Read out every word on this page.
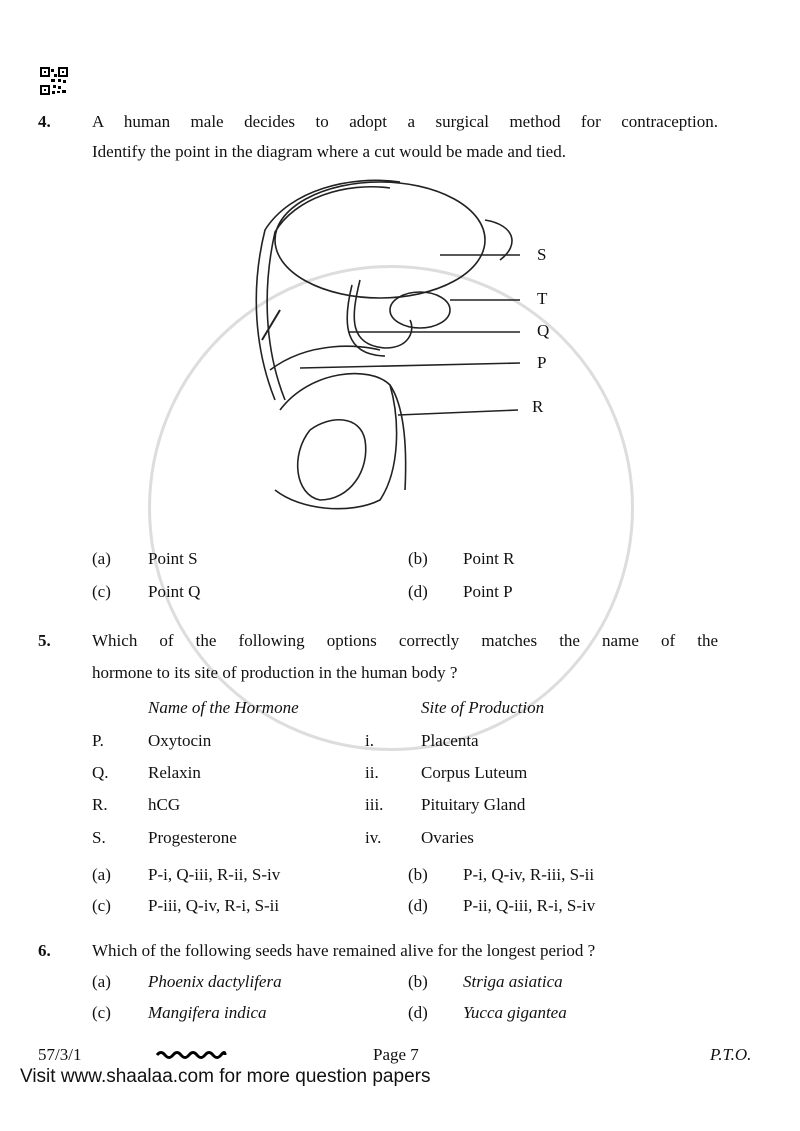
4. A human male decides to adopt a surgical method for contraception.
Identify the point in the diagram where a cut would be made and tied.
S
T
Q
P
R
(a) Point S	(b) Point R
(c) Point Q	(d) Point P
5. Which of the following options correctly matches the name of the
hormone to its site of production in the human body ?
Name of the Hormone	Site of Production
P.	Oxytocin	i.	Placenta
Q. Relaxin	ii. Corpus Luteum
R. hCG	iii. Pituitary Gland
S. Progesterone	iv. Ovaries
(a) P-i, Q-iii, R-ii, S-iv	(b) P-i, Q-iv, R-iii, S-ii
(c) P-iii, Q-iv, R-i, S-ii	(d) P-ii, Q-iii, R-i, S-iv
6. Which of the following seeds have remained alive for the longest period ?
(a) Phoenix dactylifera	(b) Striga asiatica
(c) Mangifera indica	(d) Yucca gigantea
57/3/1	Page 7	P.T.O.
Visit www.shaalaa.com for more question papers
